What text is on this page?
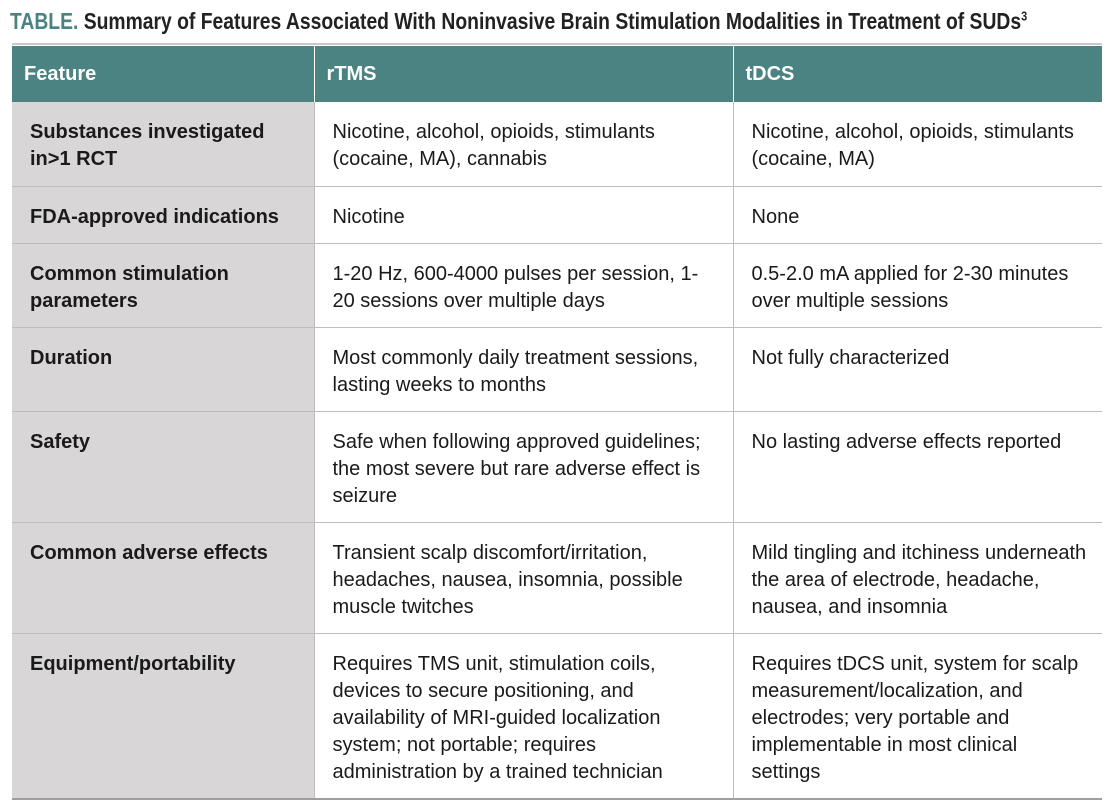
TABLE. Summary of Features Associated With Noninvasive Brain Stimulation Modalities in Treatment of SUDs$^3$
Feature	rTMS	tDCS
Substances investigated in>1 RCT	Nicotine, alcohol, opioids, stimulants (cocaine, MA), cannabis	Nicotine, alcohol, opioids, stimulants (cocaine, MA)
FDA-approved indications	Nicotine	None
Common stimulation parameters	1-20 Hz, 600-4000 pulses per session, 1-20 sessions over multiple days	0.5-2.0 mA applied for 2-30 minutes over multiple sessions
Duration	Most commonly daily treatment sessions, lasting weeks to months	Not fully characterized
Safety	Safe when following approved guidelines; the most severe but rare adverse effect is seizure	No lasting adverse effects reported
Common adverse effects	Transient scalp discomfort/irritation, headaches, nausea, insomnia, possible muscle twitches	Mild tingling and itchiness underneath the area of electrode, headache, nausea, and insomnia
Equipment/portability	Requires TMS unit, stimulation coils, devices to secure positioning, and availability of MRI-guided localization system; not portable; requires administration by a trained technician	Requires tDCS unit, system for scalp measurement/localization, and electrodes; very portable and implementable in most clinical settings
